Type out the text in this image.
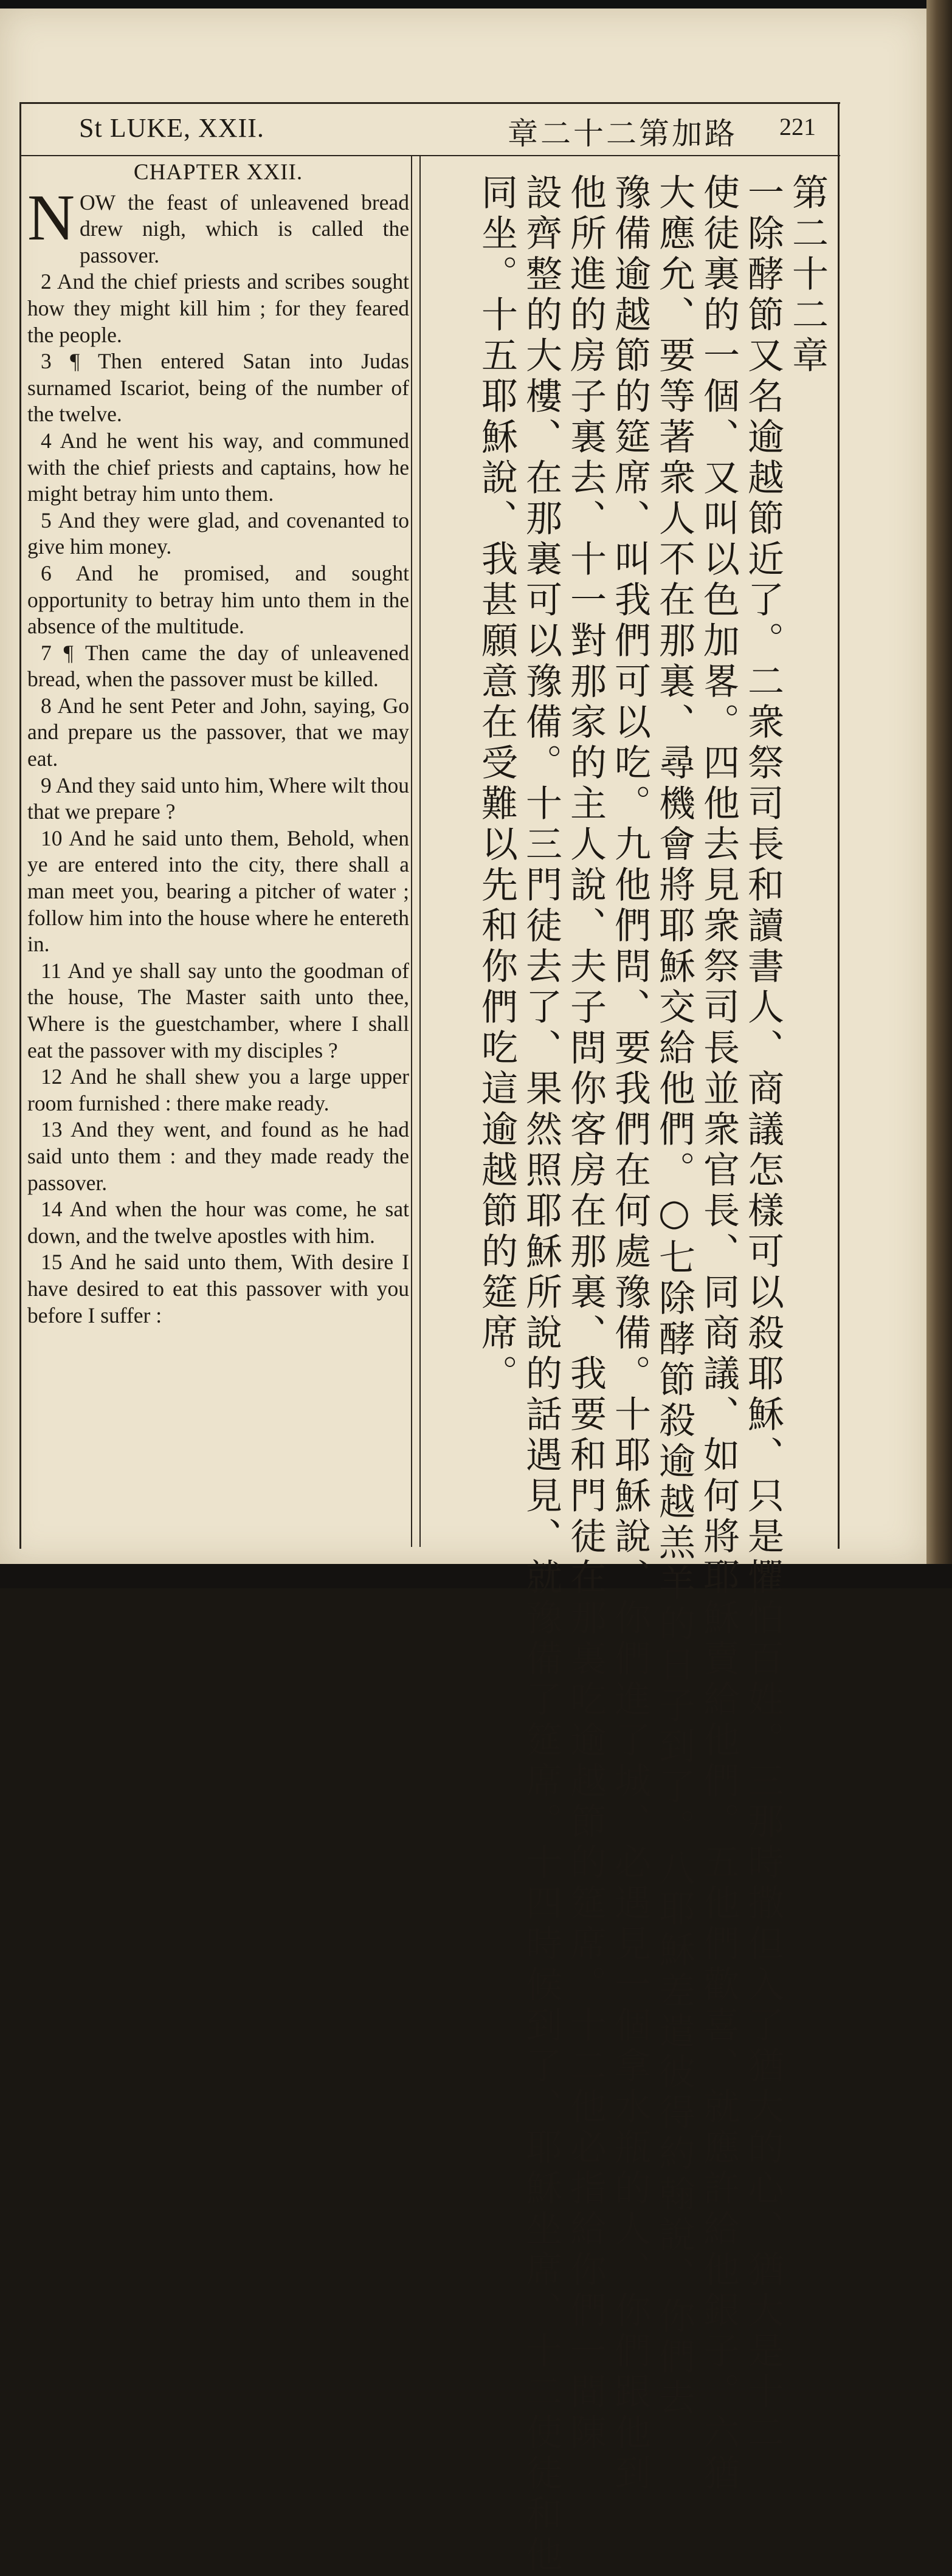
St LUKE, XXII.	章二十二第加路 221
CHAPTER XXII.

NOW the feast of unleavened bread drew nigh, which is called the passover.

2 And the chief priests and scribes sought how they might kill him ; for they feared the people.

3 ¶ Then entered Satan into Judas surnamed Iscariot, being of the number of the twelve.

4 And he went his way, and communed with the chief priests and captains, how he might betray him unto them.

5 And they were glad, and covenanted to give him money.

6 And he promised, and sought opportunity to betray him unto them in the absence of the multitude.

7 ¶ Then came the day of unleavened bread, when the passover must be killed.

8 And he sent Peter and John, saying, Go and prepare us the passover, that we may eat.

9 And they said unto him, Where wilt thou that we prepare ?

10 And he said unto them, Behold, when ye are entered into the city, there shall a man meet you, bearing a pitcher of water ; follow him into the house where he entereth in.

11 And ye shall say unto the goodman of the house, The Master saith unto thee, Where is the guestchamber, where I shall eat the passover with my disciples ?

12 And he shall shew you a large upper room furnished : there make ready.

13 And they went, and found as he had said unto them : and they made ready the passover.

14 And when the hour was come, he sat down, and the twelve apostles with him.

15 And he said unto them, With desire I have desired to eat this passover with you before I suffer :

第二十二章
一除酵節又名逾越節近了。二衆祭司長和讀書人、商議怎樣可以殺耶穌、只是懼怕百姓。三那時撒但入了猶大的心、猶大是十二
使徒裏的一個、又叫以色加畧。四他去見衆祭司長並衆官長、同商議、如何將耶穌賣給他們。五他們歡喜、就應許給他銀子。六猶
大應允、要等著衆人不在那裏、尋機會將耶穌交給他們。○七除酵節殺逾越羔羊的日子到了。八耶穌差遣彼得約翰說、你們去
豫備逾越節的筵席、叫我們可以吃。九他們問、要我們在何處豫備。十耶穌說、你們進了城、必遇見一個拿水瓶的人、你們跟他到
他所進的房子裏去、十一對那家的主人說、夫子問你客房在那裏、我要和門徒在那裏吃逾越節的筵席。十二他必指給你們一間陳
設齊整的大樓、在那裏可以豫備。十三門徒去了、果然照耶穌所說的話遇見、就豫備了筵席。十四時候到了、耶穌坐席、十二使徒和他
同坐。十五耶穌說、我甚願意在受難以先和你們吃這逾越節的筵席。
